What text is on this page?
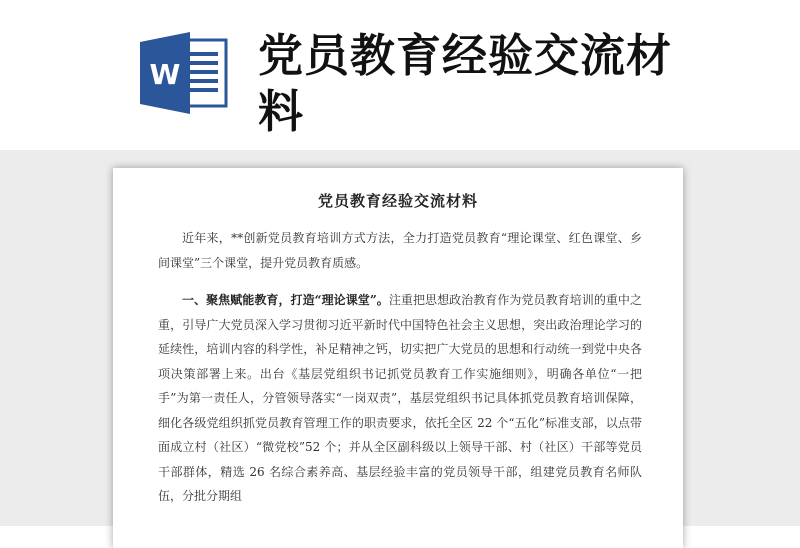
W 党员教育经验交流材料
党员教育经验交流材料

近年来，**创新党员教育培训方式方法，全力打造党员教育“理论课堂、红色课堂、乡间课堂”三个课堂，提升党员教育质感。

一、聚焦赋能教育，打造“理论课堂”。注重把思想政治教育作为党员教育培训的重中之重，引导广大党员深入学习贯彻习近平新时代中国特色社会主义思想，突出政治理论学习的延续性，培训内容的科学性，补足精神之钙，切实把广大党员的思想和行动统一到党中央各项决策部署上来。出台《基层党组织书记抓党员教育工作实施细则》，明确各单位“一把手”为第一责任人，分管领导落实“一岗双责”，基层党组织书记具体抓党员教育培训保障，细化各级党组织抓党员教育管理工作的职责要求，依托全区 22 个“五化”标准支部，以点带面成立村（社区）“微党校”52 个；并从全区副科级以上领导干部、村（社区）干部等党员干部群体，精选 26 名综合素养高、基层经验丰富的党员领导干部，组建党员教育名师队伍，分批分期组
